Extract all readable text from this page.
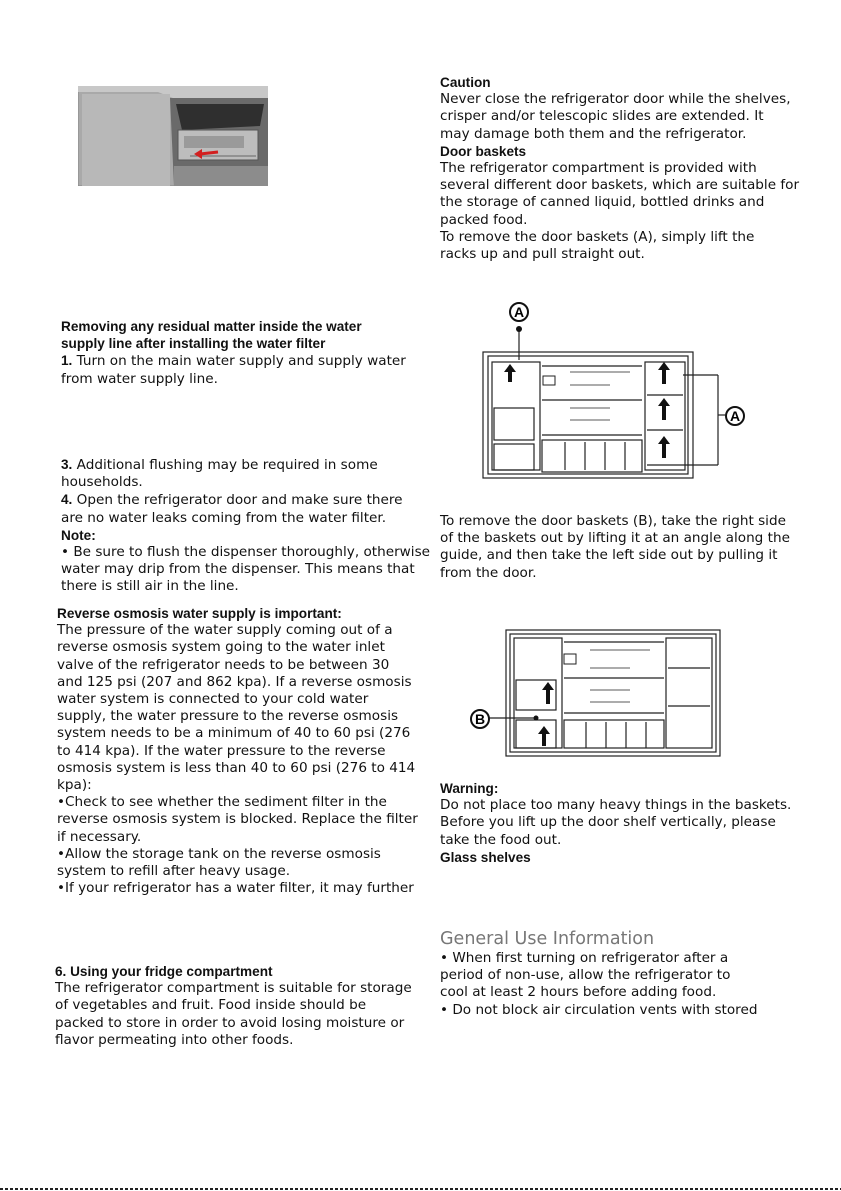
Caution

Never close the refrigerator door while the shelves,

crisper and/or telescopic slides are extended. It

may damage both them and the refrigerator.

Door baskets

The refrigerator compartment is provided with

several different door baskets, which are suitable for

the storage of canned liquid, bottled drinks and

packed food.

To remove the door baskets (A), simply lift the

racks up and pull straight out.

Removing any residual matter inside the water

supply line after installing the water filter

1. Turn on the main water supply and supply water

from water supply line.

3. Additional flushing may be required in some

households.

4. Open the refrigerator door and make sure there

are no water leaks coming from the water filter.

Note:

• Be sure to flush the dispenser thoroughly, otherwise

water may drip from the dispenser. This means that

there is still air in the line.

Reverse osmosis water supply is important:

The pressure of the water supply coming out of a

reverse osmosis system going to the water inlet

valve of the refrigerator needs to be between 30

and 125 psi (207 and 862 kpa). If a reverse osmosis

water system is connected to your cold water

supply, the water pressure to the reverse osmosis

system needs to be a minimum of 40 to 60 psi (276

to 414 kpa). If the water pressure to the reverse

osmosis system is less than 40 to 60 psi (276 to 414

kpa):

•Check to see whether the sediment filter in the

reverse osmosis system is blocked. Replace the filter

if necessary.

•Allow the storage tank on the reverse osmosis

system to refill after heavy usage.

•If your refrigerator has a water filter, it may further

A
A

To remove the door baskets (B), take the right side

of the baskets out by lifting it at an angle along the

guide, and then take the left side out by pulling it

from the door.

B

Warning:

Do not place too many heavy things in the baskets.

Before you lift up the door shelf vertically, please

take the food out.

Glass shelves

General Use Information

• When first turning on refrigerator after a

period of non-use, allow the refrigerator to

cool at least 2 hours before adding food.

• Do not block air circulation vents with stored

6. Using your fridge compartment

The refrigerator compartment is suitable for storage

of vegetables and fruit. Food inside should be

packed to store in order to avoid losing moisture or

flavor permeating into other foods.
